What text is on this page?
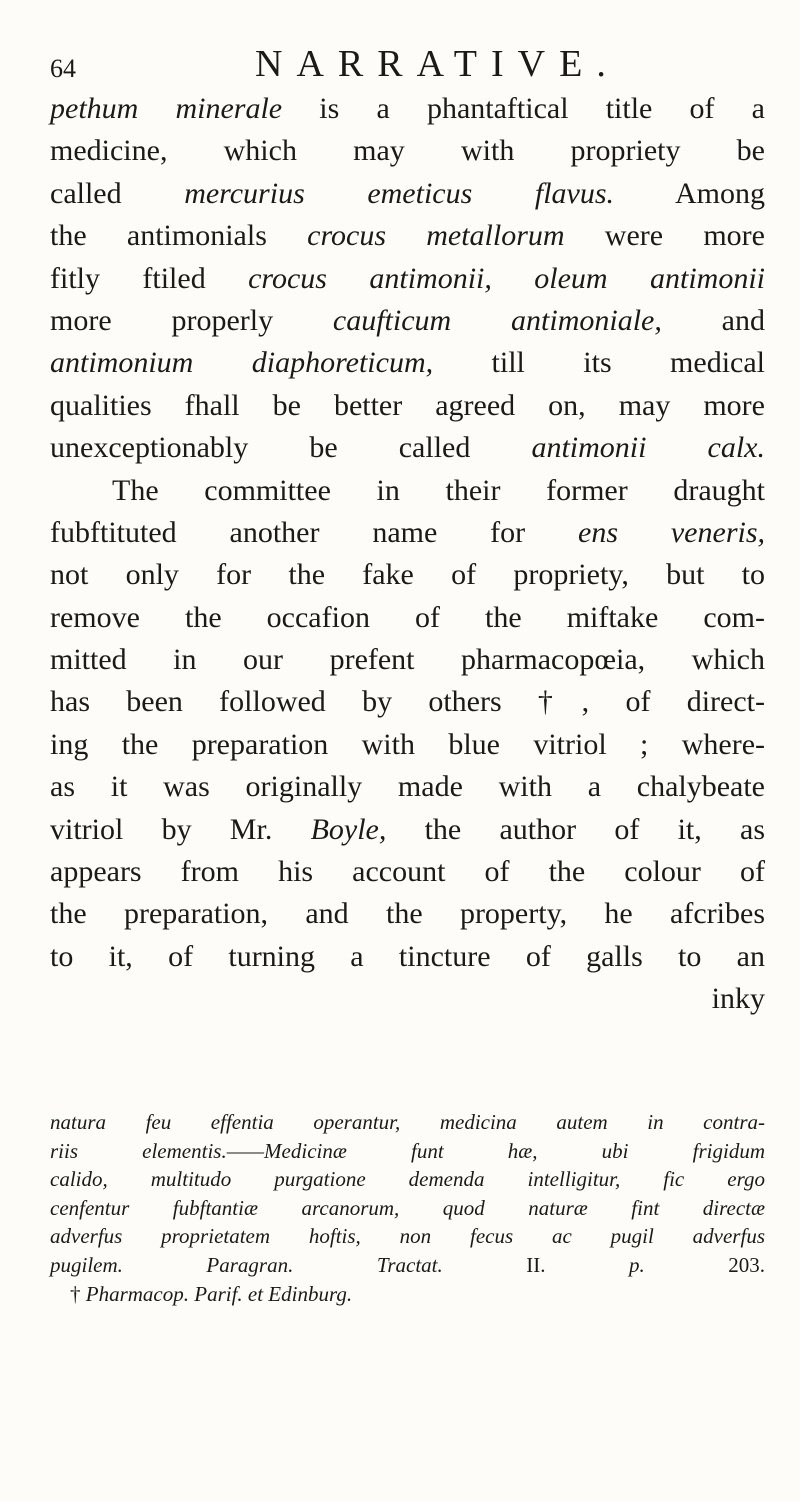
64	NARRATIVE.
pethum minerale is a phantaftical title of a
medicine, which may with propriety be
called mercurius emeticus flavus. Among
the antimonials crocus metallorum were more
fitly ftiled crocus antimonii, oleum antimonii
more properly caufticum antimoniale, and
antimonium diaphoreticum, till its medical
qualities fhall be better agreed on, may more
unexceptionably be called antimonii calx.
The committee in their former draught
fubftituted another name for ens veneris,
not only for the fake of propriety, but to
remove the occafion of the miftake com-
mitted in our prefent pharmacopœia, which
has been followed by others †, of direct-
ing the preparation with blue vitriol ; where-
as it was originally made with a chalybeate
vitriol by Mr. Boyle, the author of it, as
appears from his account of the colour of
the preparation, and the property, he afcribes
to it, of turning a tincture of galls to an
inky
natura feu effentia operantur, medicina autem in contra-
riis elementis.——Medicinæ funt hæ, ubi frigidum
calido, multitudo purgatione demenda intelligitur, fic ergo
cenfentur fubftantiæ arcanorum, quod naturæ fint directæ
adverfus proprietatem hoftis, non fecus ac pugil adverfus
pugilem. Paragran. Tractat. II. p. 203.
† Pharmacop. Parif. et Edinburg.
